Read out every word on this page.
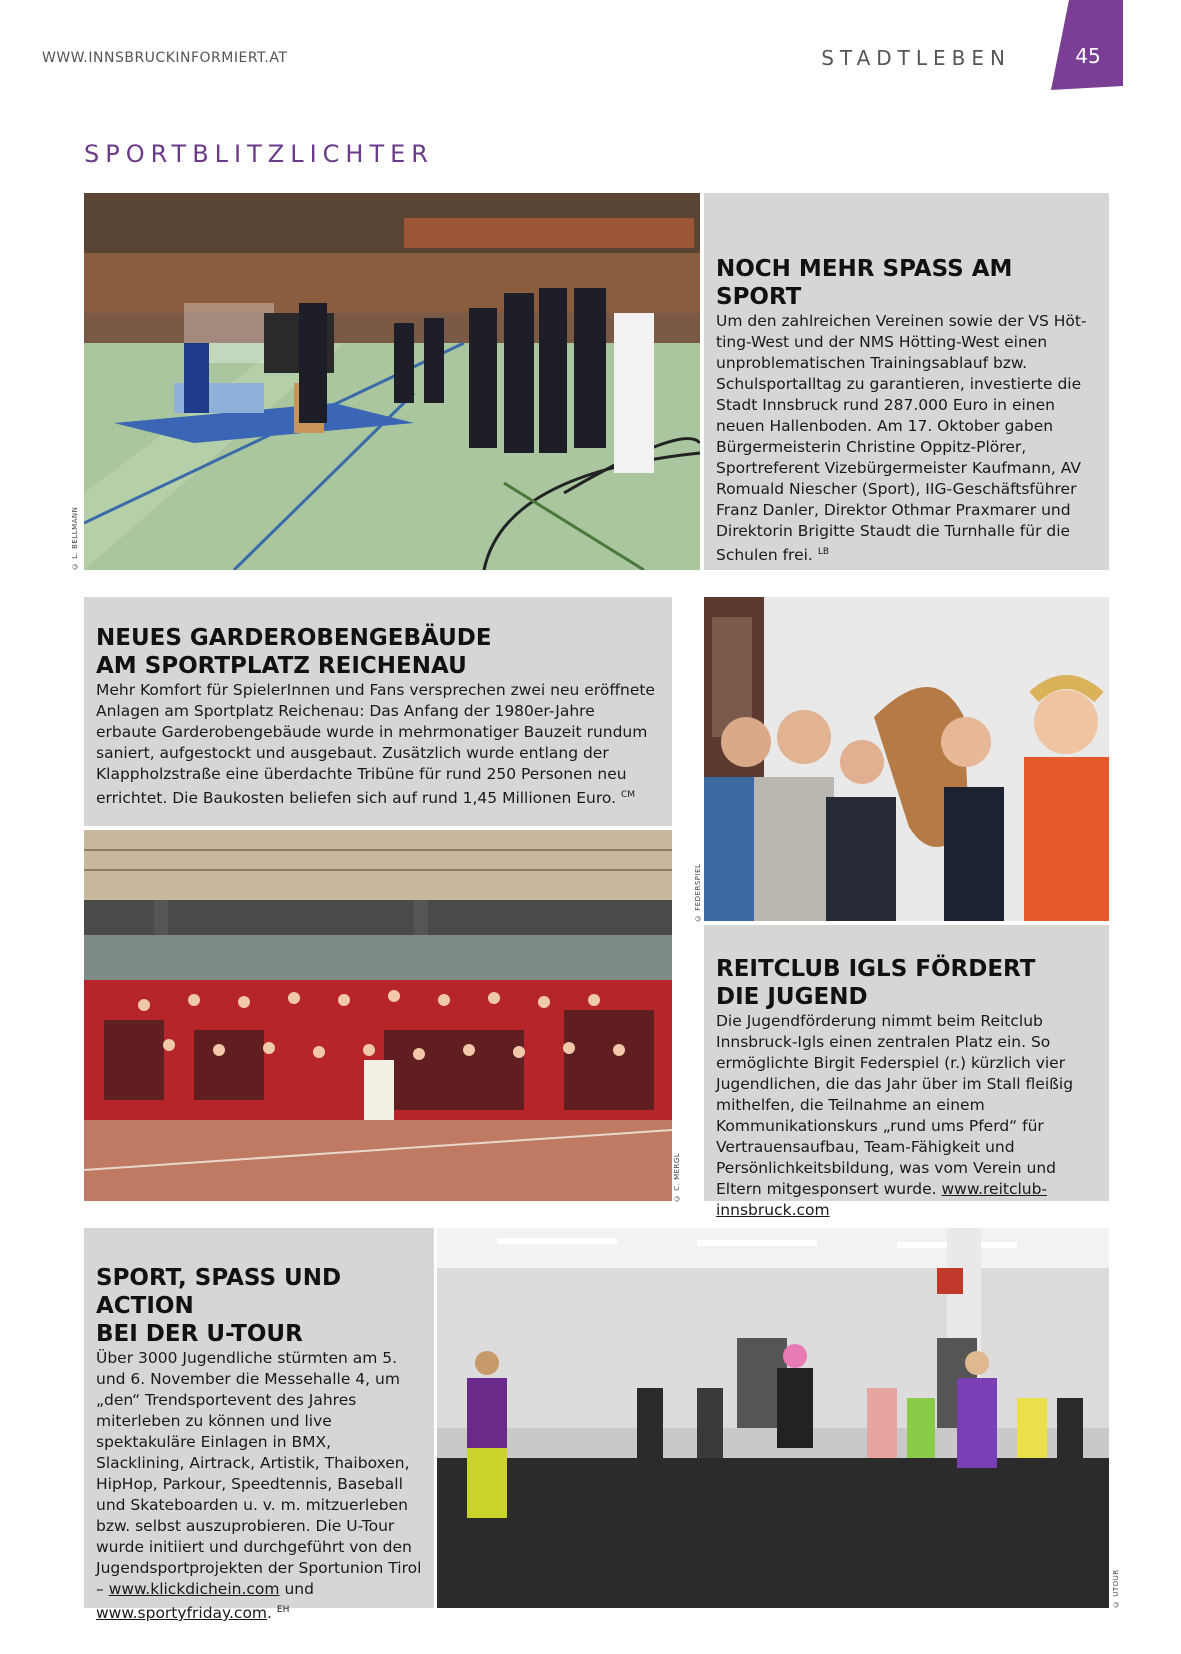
WWW.INNSBRUCKINFORMIERT.AT	STADTLEBEN	45
SPORTBLITZLICHTER
© L. BELLMANN
NOCH MEHR SPASS AM SPORT

Um den zahlreichen Vereinen sowie der VS Höt-ting-West und der NMS Hötting-West einen unproblematischen Trainingsablauf bzw. Schulsportalltag zu garantieren, investierte die Stadt Innsbruck rund 287.000 Euro in einen neuen Hallenboden. Am 17. Oktober gaben Bürgermeisterin Christine Oppitz-Plörer, Sportreferent Vizebürgermeister Kaufmann, AV Romuald Niescher (Sport), IIG-Geschäftsführer Franz Danler, Direktor Othmar Praxmarer und Direktorin Brigitte Staudt die Turnhalle für die Schulen frei. $^{LB}$

NEUES GARDEROBENGEBÄUDE
AM SPORTPLATZ REICHENAU

Mehr Komfort für SpielerInnen und Fans versprechen zwei neu eröffnete Anlagen am Sportplatz Reichenau: Das Anfang der 1980er-Jahre erbaute Garderobengebäude wurde in mehrmonatiger Bauzeit rundum saniert, aufgestockt und ausgebaut. Zusätzlich wurde entlang der Klappholzstraße eine überdachte Tribüne für rund 250 Personen neu errichtet. Die Baukosten beliefen sich auf rund 1,45 Millionen Euro. $^{CM}$

© C. MERGL
© FEDERSPIEL
REITCLUB IGLS FÖRDERT
DIE JUGEND

Die Jugendförderung nimmt beim Reitclub Innsbruck-Igls einen zentralen Platz ein. So ermöglichte Birgit Federspiel (r.) kürzlich vier Jugendlichen, die das Jahr über im Stall fleißig mithelfen, die Teilnahme an einem Kommunikationskurs „rund ums Pferd“ für Vertrauensaufbau, Team-Fähigkeit und Persönlichkeitsbildung, was vom Verein und Eltern mitgesponsert wurde. www.reitclub-innsbruck.com

SPORT, SPASS UND ACTION
BEI DER U-TOUR

Über 3000 Jugendliche stürmten am 5. und 6. November die Messehalle 4, um „den“ Trendsportevent des Jahres miterleben zu können und live spektakuläre Einlagen in BMX, Slacklining, Airtrack, Artistik, Thaiboxen, HipHop, Parkour, Speedtennis, Baseball und Skateboarden u. v. m. mitzuerleben bzw. selbst auszuprobieren. Die U-Tour wurde initiiert und durchgeführt von den Jugendsportprojekten der Sportunion Tirol – www.klickdichein.com und www.sportyfriday.com. $^{EH}$

© UTOUR
